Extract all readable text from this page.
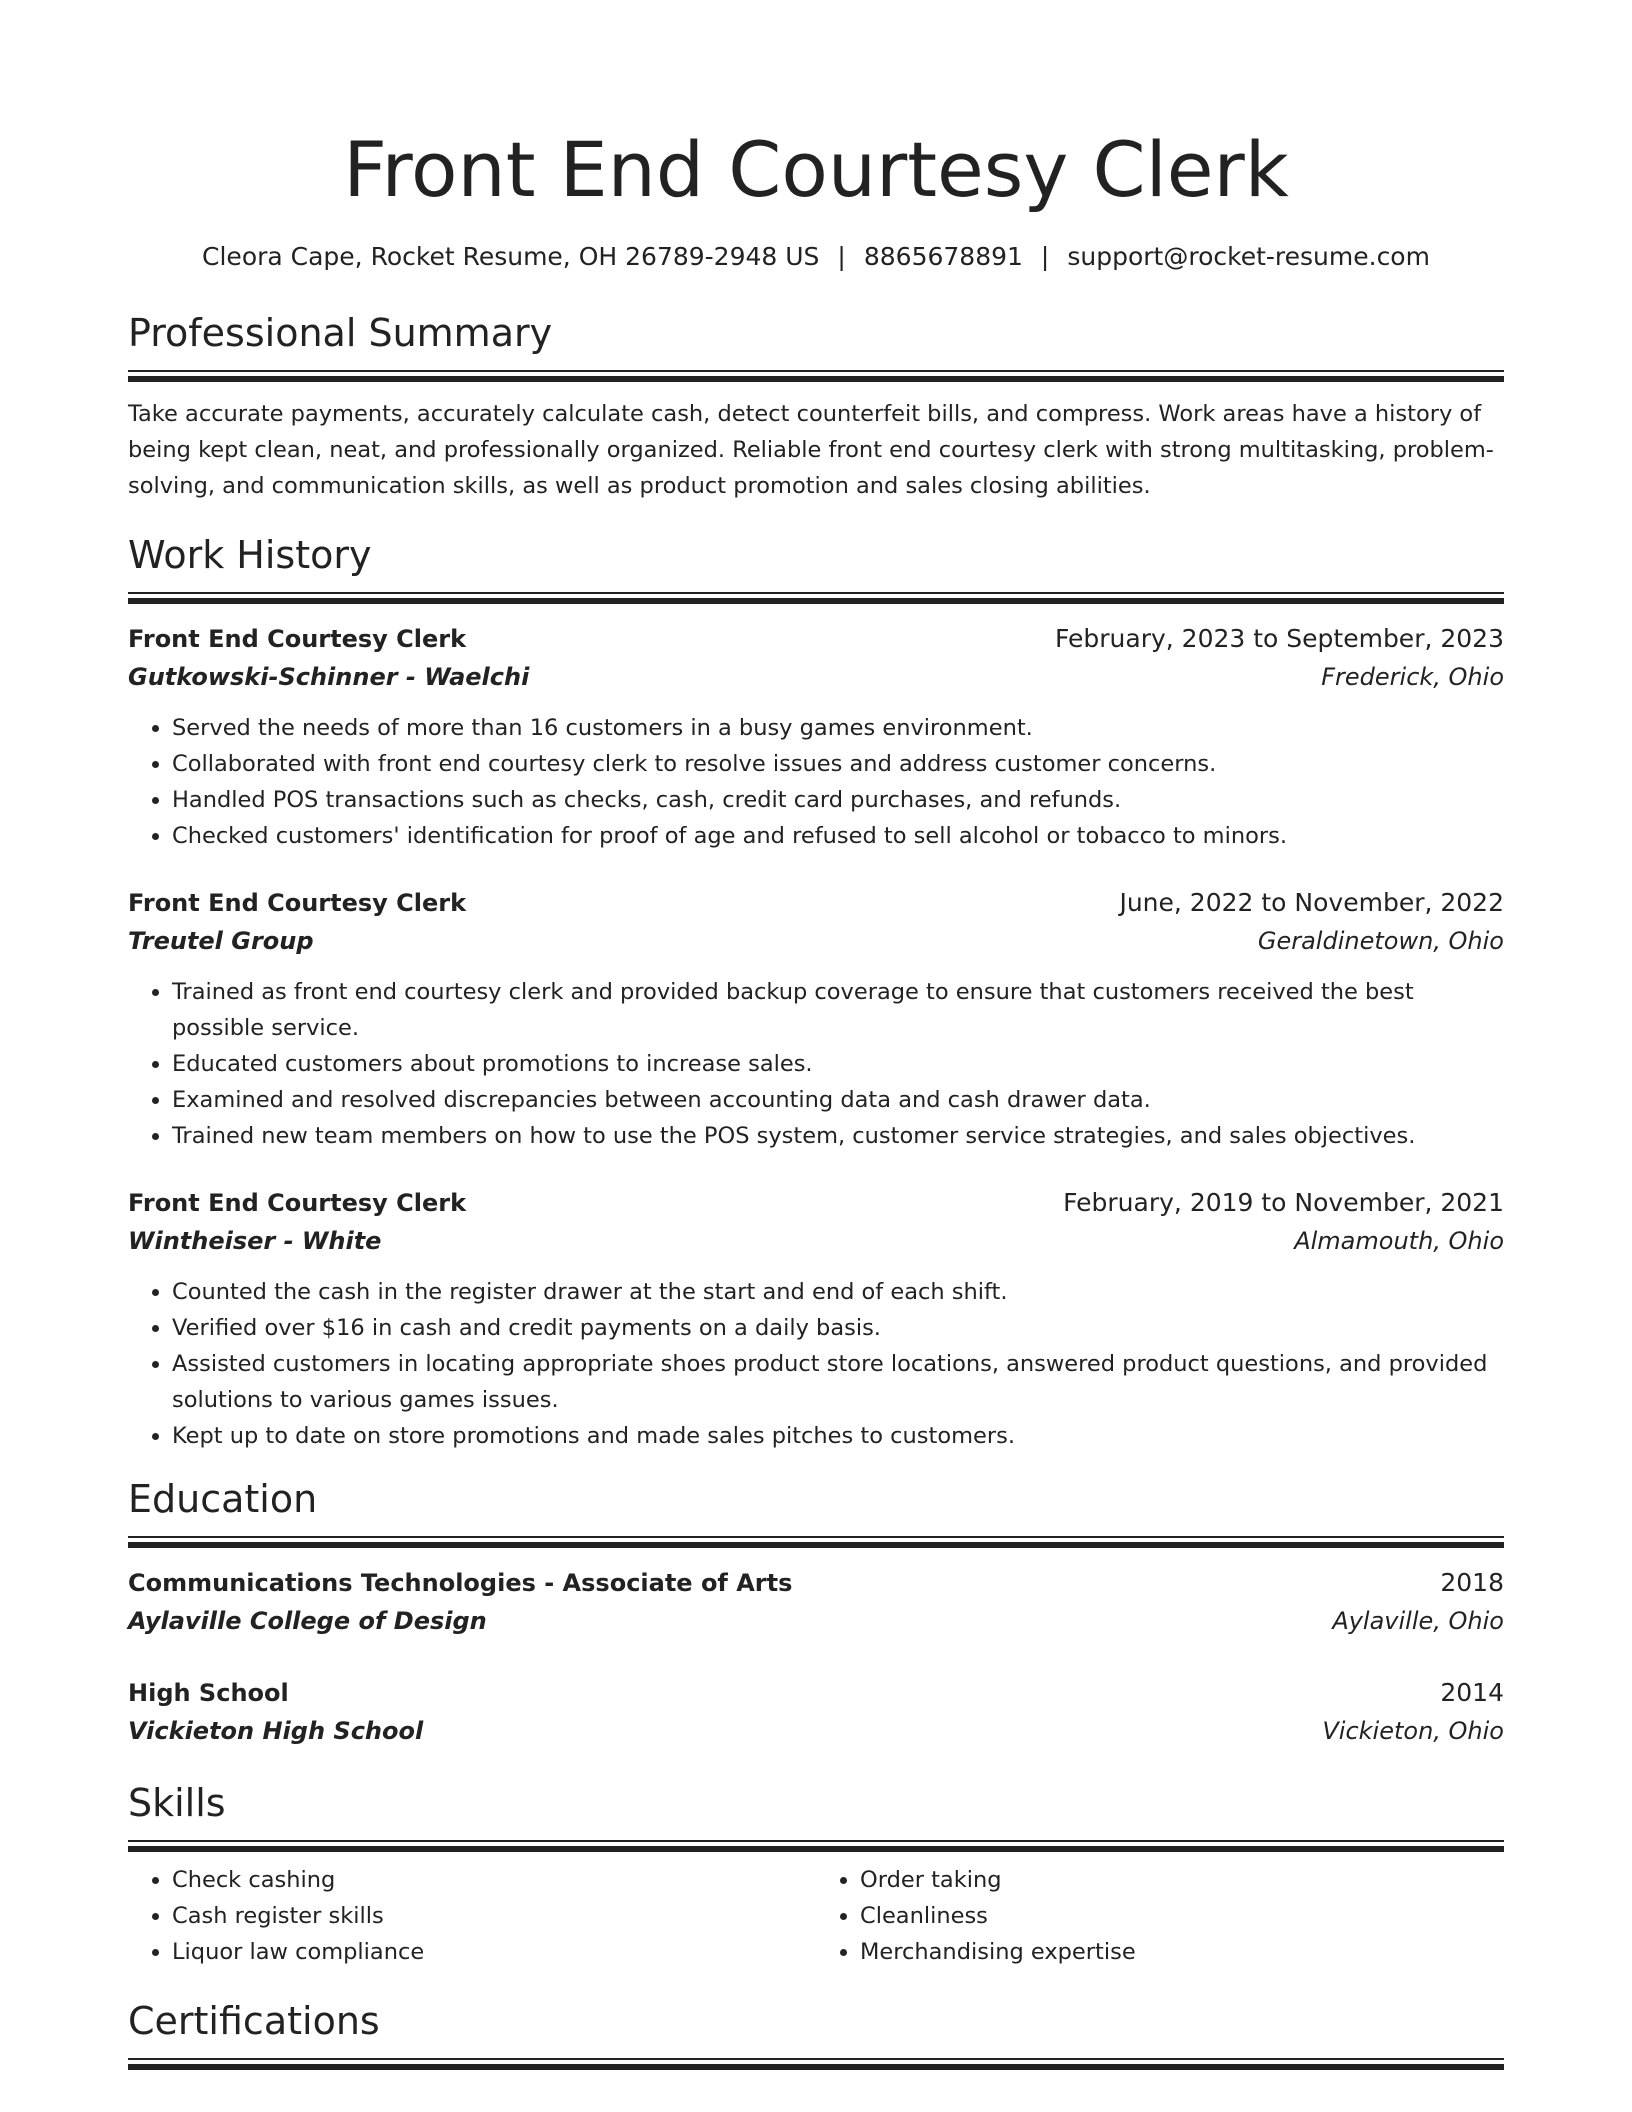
Front End Courtesy Clerk
Cleora Cape, Rocket Resume, OH 26789-2948 US | 8865678891 | support@rocket-resume.com
Professional Summary

Take accurate payments, accurately calculate cash, detect counterfeit bills, and compress. Work areas have a history of being kept clean, neat, and professionally organized. Reliable front end courtesy clerk with strong multitasking, problem-solving, and communication skills, as well as product promotion and sales closing abilities.

Work History
Front End Courtesy Clerk	February, 2023 to September, 2023
Gutkowski-Schinner - Waelchi	Frederick, Ohio
• Served the needs of more than 16 customers in a busy games environment.
• Collaborated with front end courtesy clerk to resolve issues and address customer concerns.
• Handled POS transactions such as checks, cash, credit card purchases, and refunds.
• Checked customers' identification for proof of age and refused to sell alcohol or tobacco to minors.
Front End Courtesy Clerk	June, 2022 to November, 2022
Treutel Group	Geraldinetown, Ohio
• Trained as front end courtesy clerk and provided backup coverage to ensure that customers received the best possible service.
• Educated customers about promotions to increase sales.
• Examined and resolved discrepancies between accounting data and cash drawer data.
• Trained new team members on how to use the POS system, customer service strategies, and sales objectives.
Front End Courtesy Clerk	February, 2019 to November, 2021
Wintheiser - White	Almamouth, Ohio
• Counted the cash in the register drawer at the start and end of each shift.
• Verified over $16 in cash and credit payments on a daily basis.
• Assisted customers in locating appropriate shoes product store locations, answered product questions, and provided solutions to various games issues.
• Kept up to date on store promotions and made sales pitches to customers.
Education
Communications Technologies - Associate of Arts	2018
Aylaville College of Design	Aylaville, Ohio
High School	2014
Vickieton High School	Vickieton, Ohio
Skills
• Check cashing
• Cash register skills
• Liquor law compliance
• Order taking
• Cleanliness
• Merchandising expertise
Certifications
